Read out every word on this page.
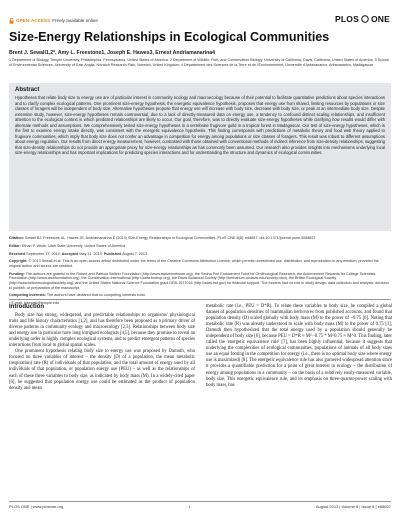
OPEN ACCESS Freely available online	PLOS ONE
Size-Energy Relationships in Ecological Communities
Brent J. Sewall1,2*, Amy L. Freestone1, Joseph E. Hawes3, Ernest Andriamanarina4
1 Department of Biology, Temple University, Philadelphia, Pennsylvania, United States of America, 2 Department of Wildlife, Fish, and Conservation Biology, University of California, Davis, California, United States of America, 3 School of Environmental Sciences, University of East Anglia, Norwich Research Park, Norwich, United Kingdom, 4 Département des Sciences de la Terre et de l'Environnement, Université d'Antananarivo, Antananarivo, Madagascar
Abstract
Hypotheses that relate body size to energy use are of particular interest in community ecology and macroecology because of their potential to facilitate quantitative predictions about species interactions and to clarify complex ecological patterns. One prominent size-energy hypothesis, the energetic equivalence hypothesis, proposes that energy use from shared, limiting resources by populations or size classes of foragers will be independent of body size. Alternative hypotheses propose that energy use will increase with body size, decrease with body size, or peak at an intermediate body size. Despite extensive study, however, size-energy hypotheses remain controversial, due to a lack of directly-measured data on energy use, a tendency to confound distinct scaling relationships, and insufficient attention to the ecological context in which predicted relationships are likely to occur. Our goal, therefore, was to directly evaluate size-energy hypotheses while clarifying how results would differ with alternate methods and assumptions. We comprehensively tested size-energy hypotheses in a vertebrate frugivore guild in a tropical forest in Madagascar. Our test of size-energy hypotheses, which is the first to examine energy intake directly, was consistent with the energetic equivalence hypothesis. This finding corresponds with predictions of metabolic theory and food web theory applied to frugivore communities, which imply that body size does not confer an advantage in competition for energy among populations or size classes of foragers. This result was robust to different assumptions about energy regulation. Our results from direct energy measurement, however, contrasted with those obtained with conventional methods of indirect inference from size-density relationships, suggesting that size-density relationships do not provide an appropriate proxy for size-energy relationships as has commonly been assumed. Our research also provides insights into mechanisms underlying local size-energy relationships and has important implications for predicting species interactions and for understanding the structure and dynamics of ecological communities.

Citation: Sewall BJ, Freestone AL, Hawes JE, Andriamanarina E (2013) Size-Energy Relationships in Ecological Communities. PLoS ONE 8(8): e68657. doi:10.1371/journal.pone.0068657

Editor: Ethan P. White, Utah State University, United States of America

Received September 17, 2012; Accepted May 31, 2013; Published August 7, 2013

Copyright: © 2013 Sewall et al. This is an open-access article distributed under the terms of the Creative Commons Attribution License, which permits unrestricted use, distribution, and reproduction in any medium, provided the original author and source are credited.

Funding: The authors are grateful to the Robert and Patricia Switzer Foundation (http://www.switzernetwork.org), the Sedna Peri Endowment Fund for Ornithological Research, the Achievement Rewards for College Scientists Foundation (http://www.arcsfoundation.org), the Conservation International (http://www.biotrop.org), the Davis Botanical Society (http://herbarium.ucdavis.edu/society.html), the British Ecological Society (http://www.britishecologicalsociety.org), and the United States National Science Foundation grant DEB-1027016 (http://www.nsf.gov) for financial support. The funders had no role in study design, data collection and analysis, decision to publish, or preparation of the manuscript.

Competing Interests: The authors have declared that no competing interests exist.

* E-mail: bjsewall@temple.edu

Introduction

Body size has strong, widespread, and predictable relationships to organisms' physiological traits and life history characteristics [1,2], and has therefore been proposed as a primary driver of diverse patterns in community ecology and macroecology [2,3]. Relationships between body size and energy use in particular have long intrigued ecologists [4,5], because they promise to reveal an underlying order in highly complex ecological systems, and to predict emergent patterns of species interactions from local to global spatial scales.

One prominent hypothesis relating body size to energy use was proposed by Damuth, who focused on three variables of interest – the density (D) of a population, the mean metabolic (respiration) rate (R) of individuals of that population, and the total amount of energy used by all individuals of that population, or population energy use (PEU) – as well as the relationships of each of these three variables to body size, as indicated by body mass (M). In a widely-cited paper [6], he suggested that population energy use could be estimated as the product of population density and mean

metabolic rate (i.e., PEU = D*R). To relate these variables to body size, he compiled a global dataset of population densities of mammalian herbivores from published accounts, and found that population density (D) scaled globally with body mass (M) to the power of −0.75 [6]. Noting that metabolic rate (R) was already understood to scale with body mass (M) to the power of 0.75 [1], Damuth then hypothesized that the total energy used by a population should generally be independent of body size [6], because PEU = D*R ≈ M^−0.75 * M^0.75 ≈ M^0. This finding, later called the 'energetic equivalence rule' [7], has been highly influential, because it suggests that underlying the complexities of ecological communities, populations of animals of all body sizes use an equal footing in the competition for energy (i.e., there is no optimal body size where energy use is maximized) [8]. The energetic equivalence rule has also garnered widespread attention since it provides a quantifiable prediction for a point of great interest in ecology – the distribution of energy among populations in a community – on the basis of a relatively easily-measured variable, body size. This energetic equivalence rule, and its emphasis on three-quarter-power scaling with body mass, has

PLOS ONE | www.plosone.org	1	August 2013 | Volume 8 | Issue 8 | e68657
